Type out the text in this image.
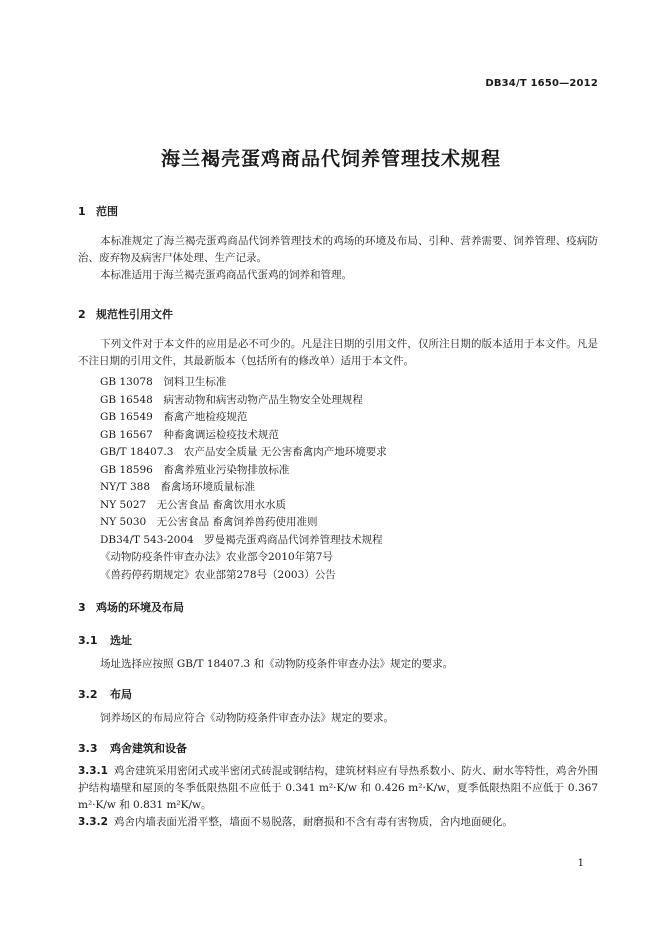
DB34/T 1650—2012
海兰褐壳蛋鸡商品代饲养管理技术规程
1 范围
本标准规定了海兰褐壳蛋鸡商品代饲养管理技术的鸡场的环境及布局、引种、营养需要、饲养管理、疫病防治、废弃物及病害尸体处理、生产记录。
本标准适用于海兰褐壳蛋鸡商品代蛋鸡的饲养和管理。
2 规范性引用文件
下列文件对于本文件的应用是必不可少的。凡是注日期的引用文件，仅所注日期的版本适用于本文件。凡是不注日期的引用文件，其最新版本（包括所有的修改单）适用于本文件。
GB 13078　饲料卫生标准
GB 16548　病害动物和病害动物产品生物安全处理规程
GB 16549　畜禽产地检疫规范
GB 16567　种畜禽调运检疫技术规范
GB/T 18407.3　农产品安全质量 无公害畜禽肉产地环境要求
GB 18596　畜禽养殖业污染物排放标准
NY/T 388　畜禽场环境质量标准
NY 5027　无公害食品 畜禽饮用水水质
NY 5030　无公害食品 畜禽饲养兽药使用准则
DB34/T 543-2004　罗曼褐壳蛋鸡商品代饲养管理技术规程
《动物防疫条件审查办法》农业部令2010年第7号
《兽药停药期规定》农业部第278号（2003）公告
3 鸡场的环境及布局
3.1 选址
场址选择应按照 GB/T 18407.3 和《动物防疫条件审查办法》规定的要求。
3.2 布局
饲养场区的布局应符合《动物防疫条件审查办法》规定的要求。
3.3 鸡舍建筑和设备
3.3.1 鸡舍建筑采用密闭式或半密闭式砖混或钢结构，建筑材料应有导热系数小、防火、耐水等特性，鸡舍外围护结构墙壁和屋顶的冬季低限热阻不应低于 0.341 m²·K/w 和 0.426 m²·K/w，夏季低限热阻不应低于 0.367 m²·K/w 和 0.831 m²K/w。
3.3.2 鸡舍内墙表面光滑平整，墙面不易脱落，耐磨损和不含有毒有害物质，舍内地面硬化。
1
